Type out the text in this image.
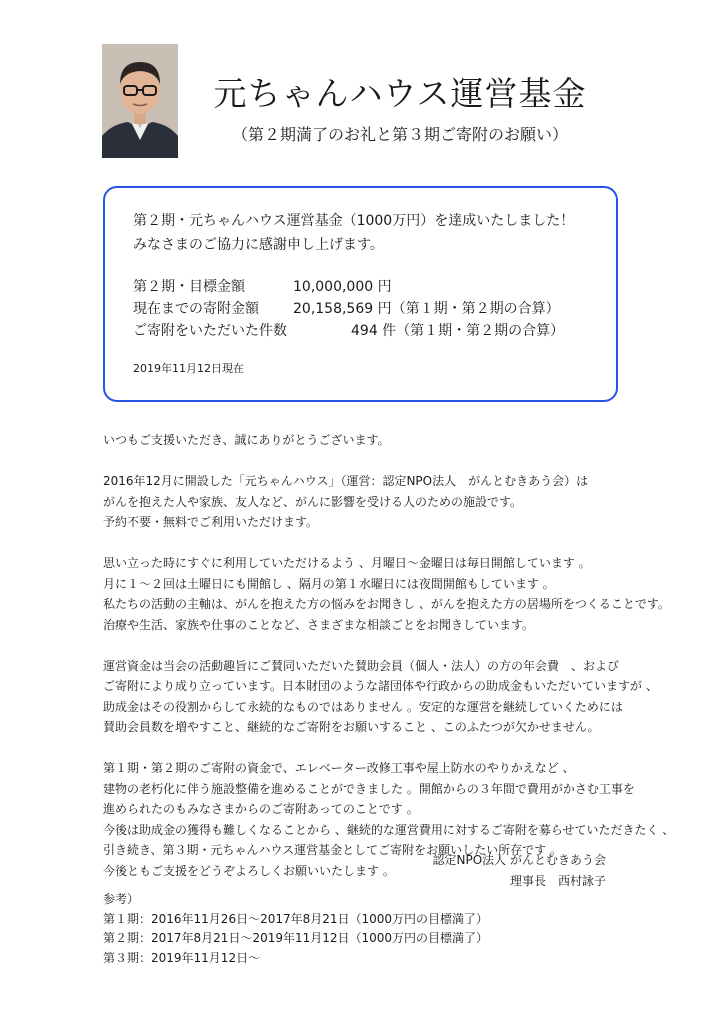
元ちゃんハウス運営基金
（第２期満了のお礼と第３期ご寄附のお願い）
第２期・元ちゃんハウス運営基金（1000万円）を達成いたしました！
みなさまのご協力に感謝申し上げます。
第２期・目標金額	10,000,000 円
現在までの寄附金額 20,158,569 円（第１期・第２期の合算）
ご寄附をいただいた件数	494 件（第１期・第２期の合算）
2019年11月12日現在

いつもご支援いただき、誠にありがとうございます。

2016年12月に開設した「元ちゃんハウス」（運営：認定NPO法人　がんとむきあう会）は
がんを抱えた人や家族、友人など、がんに影響を受ける人のための施設です。
予約不要・無料でご利用いただけます。

思い立った時にすぐに利用していただけるよう 、月曜日〜金曜日は毎日開館しています 。
月に１〜２回は土曜日にも開館し 、隔月の第１水曜日には夜間開館もしています 。
私たちの活動の主軸は、がんを抱えた方の悩みをお聞きし 、がんを抱えた方の居場所をつくることです。
治療や生活、家族や仕事のことなど、さまざまな相談ごとをお聞きしています。

運営資金は当会の活動趣旨にご賛同いただいた賛助会員（個人・法人）の方の年会費　、および
ご寄附により成り立っています。日本財団のような諸団体や行政からの助成金もいただいていますが 、
助成金はその役割からして永続的なものではありません 。安定的な運営を継続していくためには
賛助会員数を増やすこと、継続的なご寄附をお願いすること 、このふたつが欠かせません。

第１期・第２期のご寄附の資金で、エレベーター改修工事や屋上防水のやりかえなど 、
建物の老朽化に伴う施設整備を進めることができました 。開館からの３年間で費用がかさむ工事を
進められたのもみなさまからのご寄附あってのことです 。
今後は助成金の獲得も難しくなることから 、継続的な運営費用に対するご寄附を募らせていただきたく 、
引き続き、第３期・元ちゃんハウス運営基金としてご寄附をお願いしたい所存です 。
今後ともご支援をどうぞよろしくお願いいたします 。

認定NPO法人 がんとむきあう会
理事長　西村詠子
参考）
第１期：2016年11月26日〜2017年8月21日（1000万円の目標満了）
第２期：2017年8月21日〜2019年11月12日（1000万円の目標満了）
第３期：2019年11月12日〜
